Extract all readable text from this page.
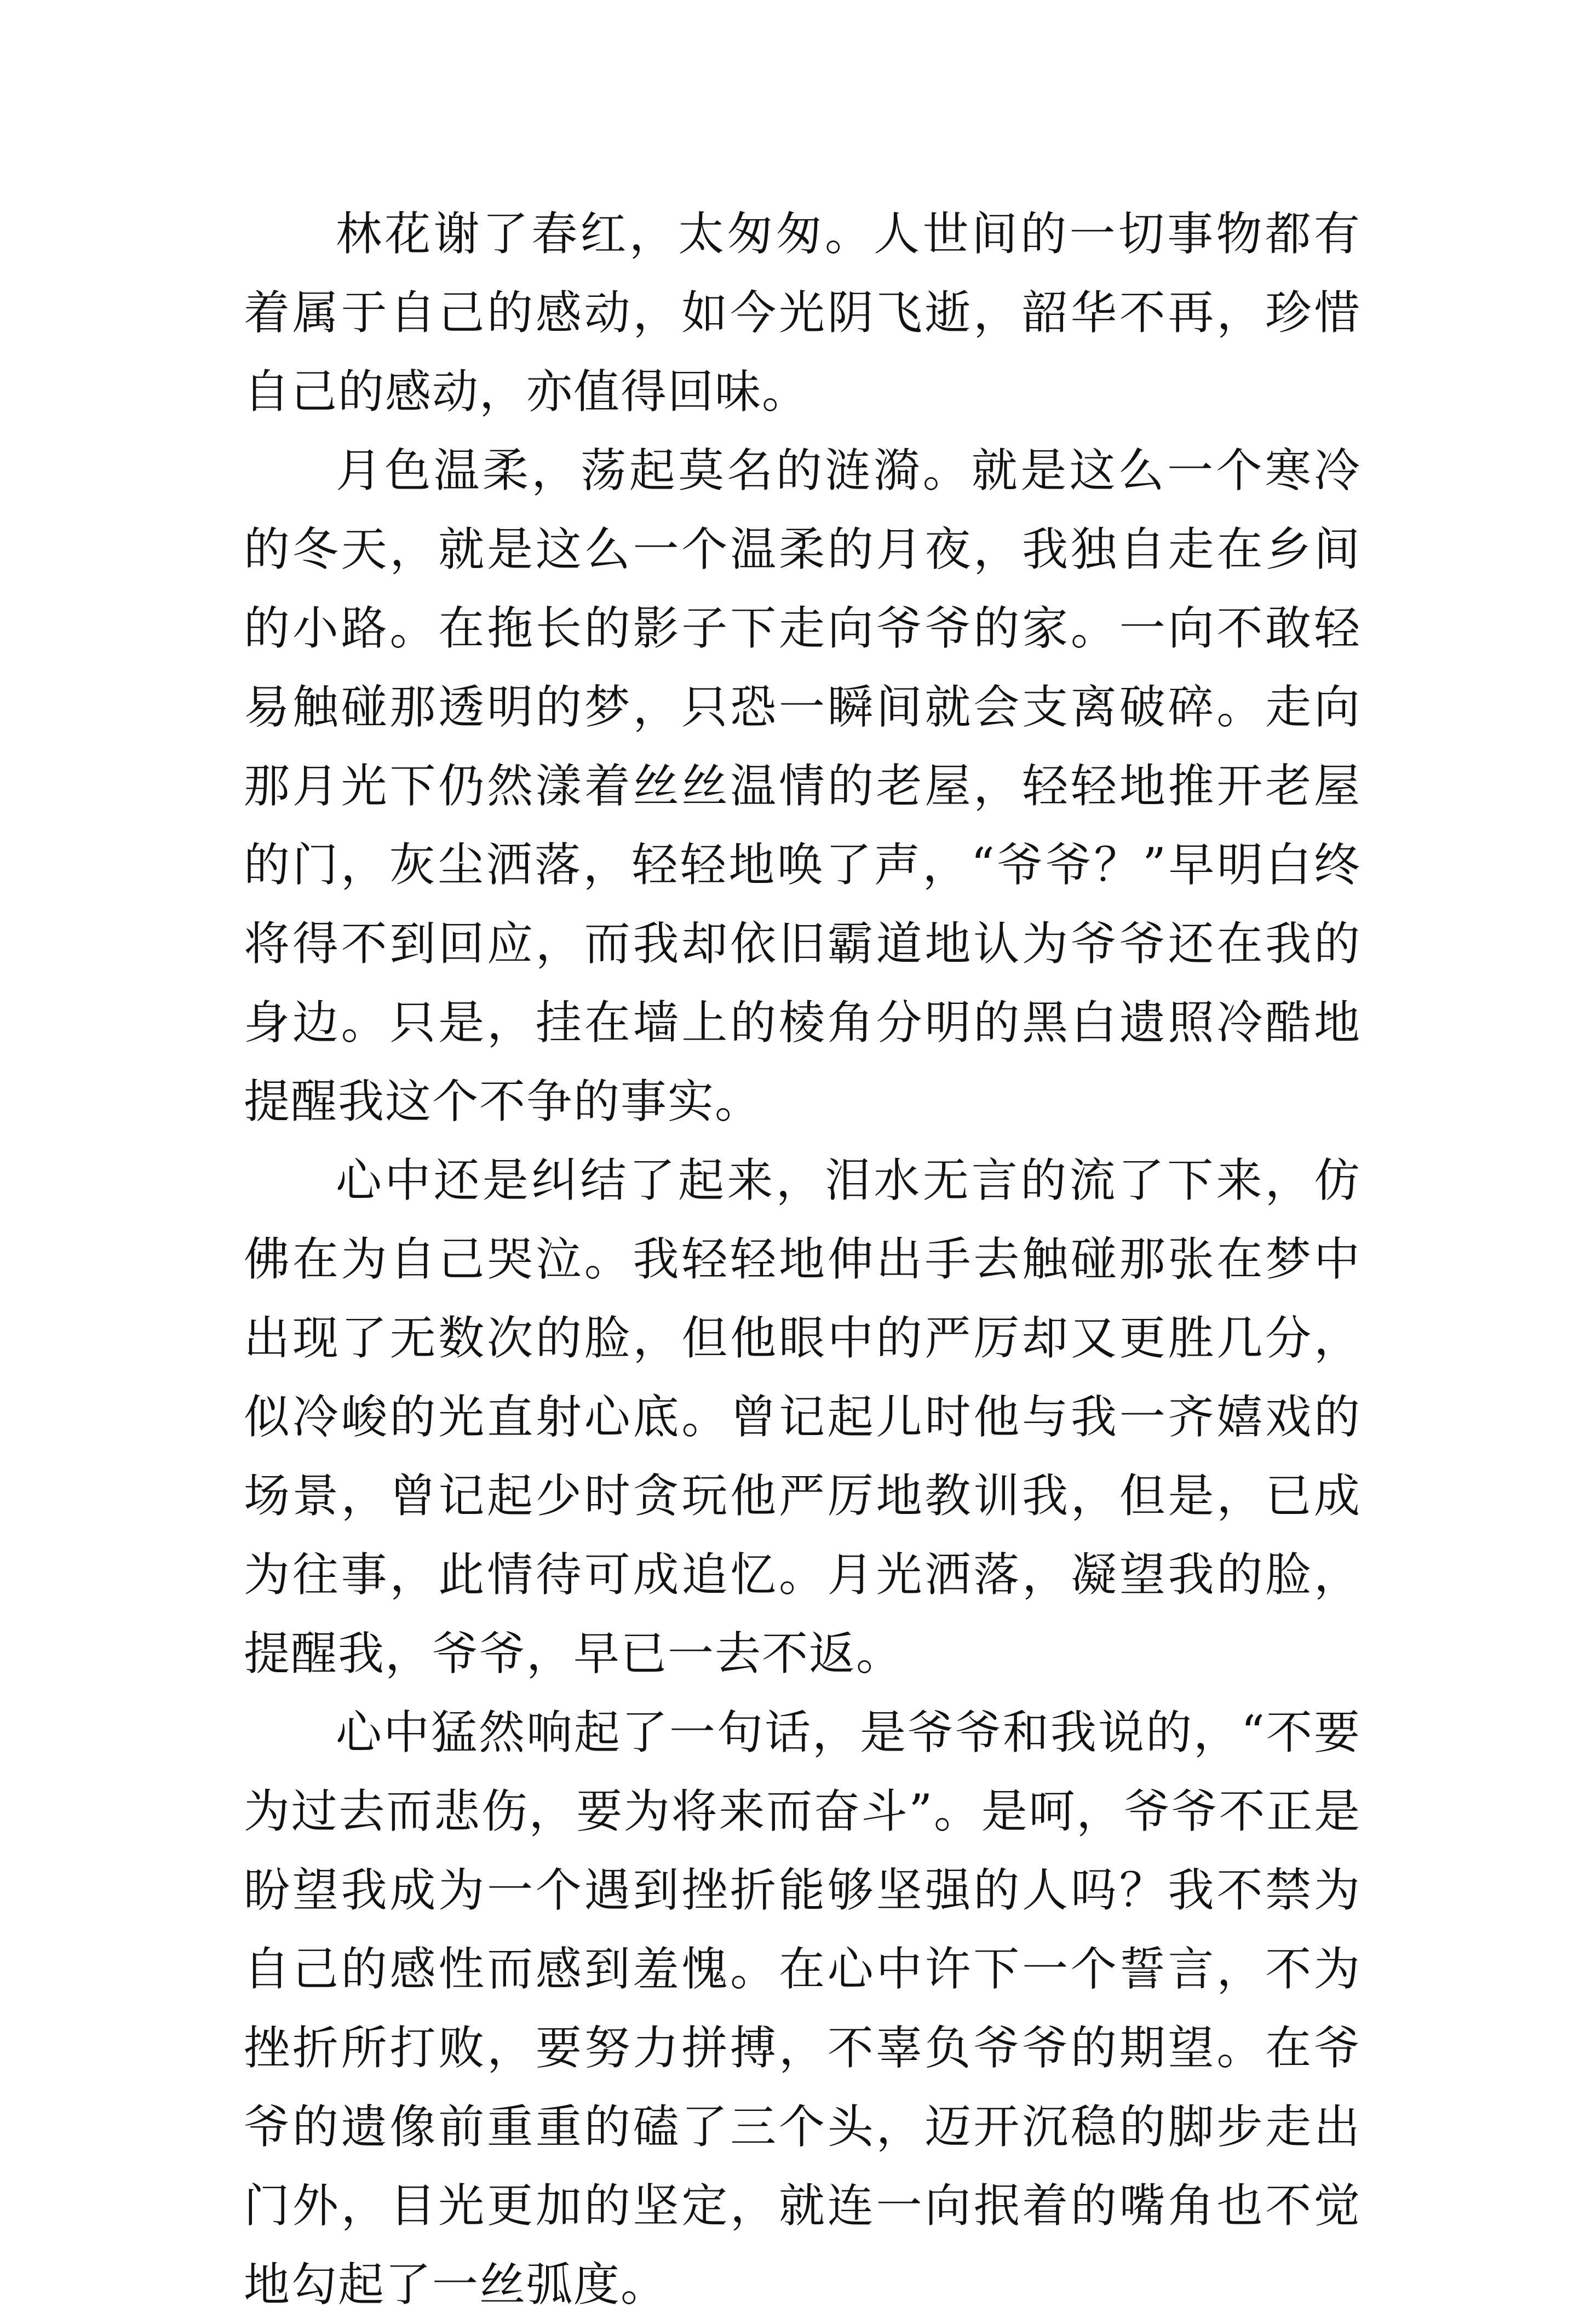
林花谢了春红，太匆匆。人世间的一切事物都有着属于自己的感动，如今光阴飞逝，韶华不再，珍惜自己的感动，亦值得回味。

月色温柔，荡起莫名的涟漪。就是这么一个寒冷的冬天，就是这么一个温柔的月夜，我独自走在乡间的小路。在拖长的影子下走向爷爷的家。一向不敢轻易触碰那透明的梦，只恐一瞬间就会支离破碎。走向那月光下仍然漾着丝丝温情的老屋，轻轻地推开老屋的门，灰尘洒落，轻轻地唤了声，“爷爷？”早明白终将得不到回应，而我却依旧霸道地认为爷爷还在我的身边。只是，挂在墙上的棱角分明的黑白遗照冷酷地提醒我这个不争的事实。

心中还是纠结了起来，泪水无言的流了下来，仿佛在为自己哭泣。我轻轻地伸出手去触碰那张在梦中出现了无数次的脸，但他眼中的严厉却又更胜几分，似冷峻的光直射心底。曾记起儿时他与我一齐嬉戏的场景，曾记起少时贪玩他严厉地教训我，但是，已成为往事，此情待可成追忆。月光洒落，凝望我的脸，提醒我，爷爷，早已一去不返。

心中猛然响起了一句话，是爷爷和我说的，“不要为过去而悲伤，要为将来而奋斗”。是呵，爷爷不正是盼望我成为一个遇到挫折能够坚强的人吗？我不禁为自己的感性而感到羞愧。在心中许下一个誓言，不为挫折所打败，要努力拼搏，不辜负爷爷的期望。在爷爷的遗像前重重的磕了三个头，迈开沉稳的脚步走出门外，目光更加的坚定，就连一向抿着的嘴角也不觉地勾起了一丝弧度。
